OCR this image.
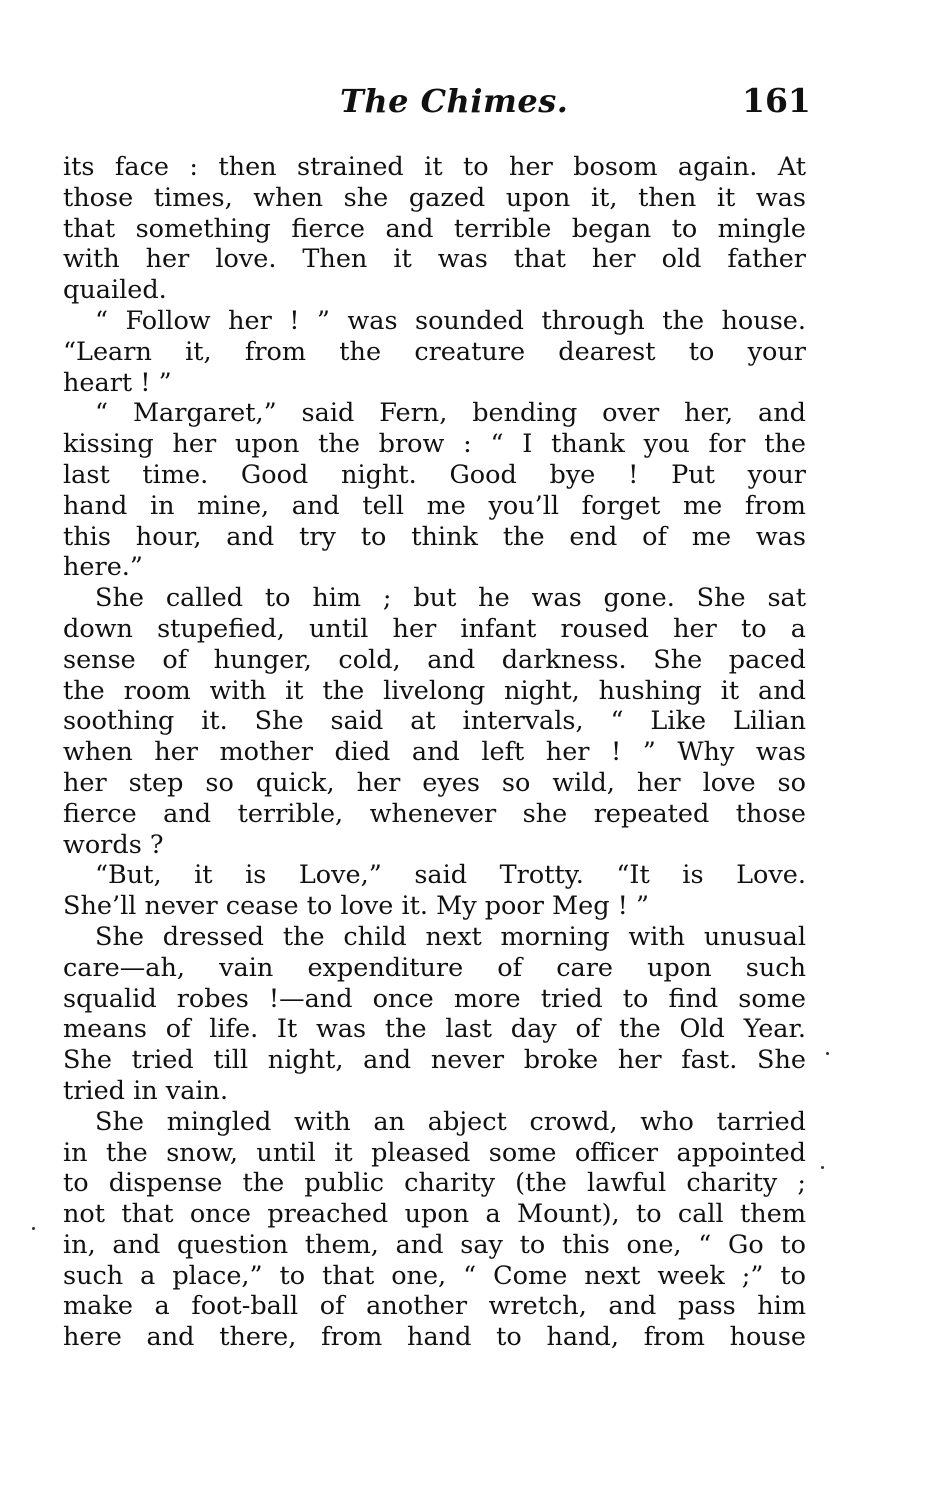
The Chimes.	161
its face : then strained it to her bosom again. At
those times, when she gazed upon it, then it was
that something fierce and terrible began to mingle
with her love. Then it was that her old father
quailed.
“ Follow her ! ” was sounded through the house.
“Learn it, from the creature dearest to your
heart ! ”
“ Margaret,” said Fern, bending over her, and
kissing her upon the brow : “ I thank you for the
last time. Good night. Good bye ! Put your
hand in mine, and tell me you’ll forget me from
this hour, and try to think the end of me was
here.”
She called to him ; but he was gone. She sat
down stupefied, until her infant roused her to a
sense of hunger, cold, and darkness. She paced
the room with it the livelong night, hushing it and
soothing it. She said at intervals, “ Like Lilian
when her mother died and left her ! ” Why was
her step so quick, her eyes so wild, her love so
fierce and terrible, whenever she repeated those
words ?
“But, it is Love,” said Trotty. “It is Love.
She’ll never cease to love it. My poor Meg ! ”
She dressed the child next morning with unusual
care—ah, vain expenditure of care upon such
squalid robes !—and once more tried to find some
means of life. It was the last day of the Old Year.
She tried till night, and never broke her fast. She
tried in vain.
She mingled with an abject crowd, who tarried
in the snow, until it pleased some officer appointed
to dispense the public charity (the lawful charity ;
not that once preached upon a Mount), to call them
in, and question them, and say to this one, “ Go to
such a place,” to that one, “ Come next week ;” to
make a foot-ball of another wretch, and pass him
here and there, from hand to hand, from house
